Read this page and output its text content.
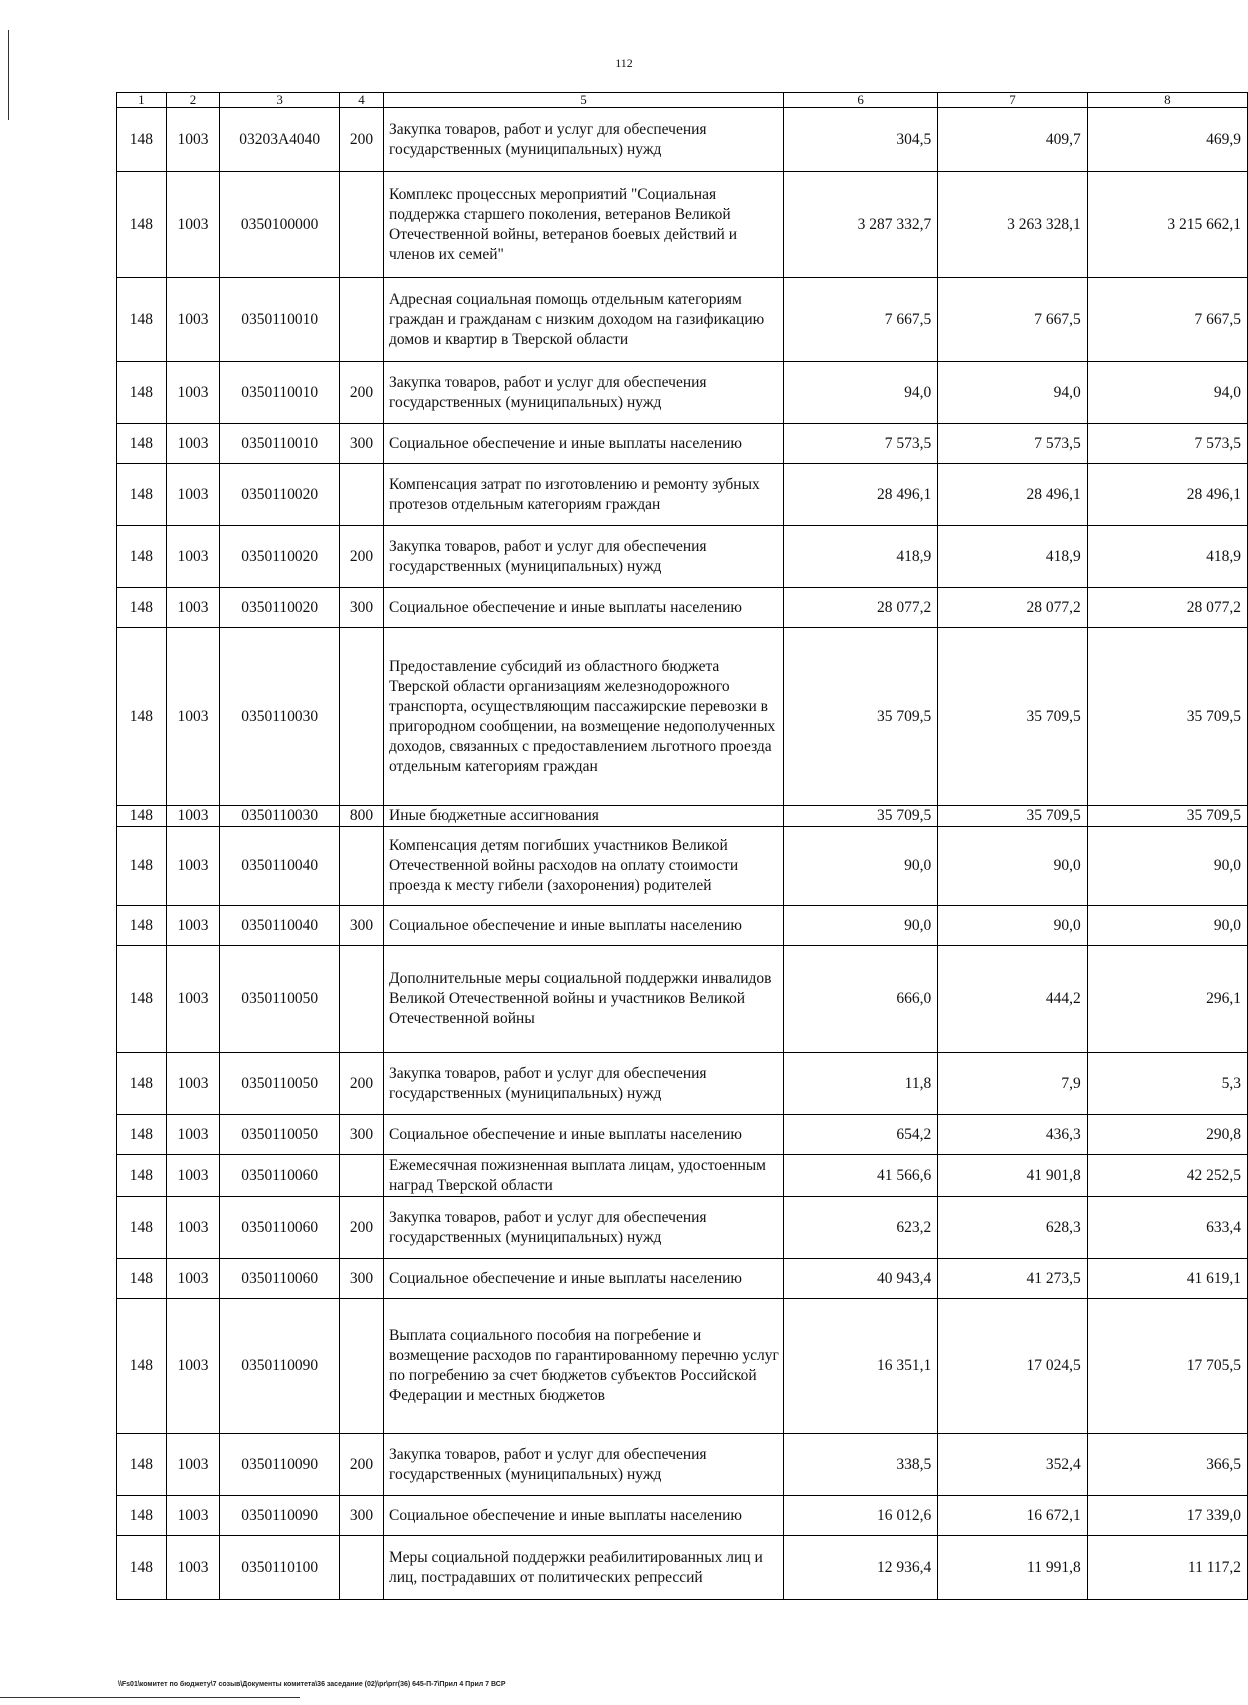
112
1	2	3	4	5	6	7	8
148	1003	03203А4040	200	Закупка товаров, работ и услуг для обеспечения государственных (муниципальных) нужд	304,5	409,7	469,9
148	1003	0350100000		Комплекс процессных мероприятий "Социальная поддержка старшего поколения, ветеранов Великой Отечественной войны, ветеранов боевых действий и членов их семей"	3 287 332,7	3 263 328,1	3 215 662,1
148	1003	0350110010		Адресная социальная помощь отдельным категориям граждан и гражданам с низким доходом на газификацию домов и квартир в Тверской области	7 667,5	7 667,5	7 667,5
148	1003	0350110010	200	Закупка товаров, работ и услуг для обеспечения государственных (муниципальных) нужд	94,0	94,0	94,0
148	1003	0350110010	300	Социальное обеспечение и иные выплаты населению	7 573,5	7 573,5	7 573,5
148	1003	0350110020		Компенсация затрат по изготовлению и ремонту зубных протезов отдельным категориям граждан	28 496,1	28 496,1	28 496,1
148	1003	0350110020	200	Закупка товаров, работ и услуг для обеспечения государственных (муниципальных) нужд	418,9	418,9	418,9
148	1003	0350110020	300	Социальное обеспечение и иные выплаты населению	28 077,2	28 077,2	28 077,2
148	1003	0350110030		Предоставление субсидий из областного бюджета Тверской области организациям железнодорожного транспорта, осуществляющим пассажирские перевозки в пригородном сообщении, на возмещение недополученных доходов, связанных с предоставлением льготного проезда отдельным категориям граждан	35 709,5	35 709,5	35 709,5
148	1003	0350110030	800	Иные бюджетные ассигнования	35 709,5	35 709,5	35 709,5
148	1003	0350110040		Компенсация детям погибших участников Великой Отечественной войны расходов на оплату стоимости проезда к месту гибели (захоронения) родителей	90,0	90,0	90,0
148	1003	0350110040	300	Социальное обеспечение и иные выплаты населению	90,0	90,0	90,0
148	1003	0350110050		Дополнительные меры социальной поддержки инвалидов Великой Отечественной войны и участников Великой Отечественной войны	666,0	444,2	296,1
148	1003	0350110050	200	Закупка товаров, работ и услуг для обеспечения государственных (муниципальных) нужд	11,8	7,9	5,3
148	1003	0350110050	300	Социальное обеспечение и иные выплаты населению	654,2	436,3	290,8
148	1003	0350110060		Ежемесячная пожизненная выплата лицам, удостоенным наград Тверской области	41 566,6	41 901,8	42 252,5
148	1003	0350110060	200	Закупка товаров, работ и услуг для обеспечения государственных (муниципальных) нужд	623,2	628,3	633,4
148	1003	0350110060	300	Социальное обеспечение и иные выплаты населению	40 943,4	41 273,5	41 619,1
148	1003	0350110090		Выплата социального пособия на погребение и возмещение расходов по гарантированному перечню услуг по погребению за счет бюджетов субъектов Российской Федерации и местных бюджетов	16 351,1	17 024,5	17 705,5
148	1003	0350110090	200	Закупка товаров, работ и услуг для обеспечения государственных (муниципальных) нужд	338,5	352,4	366,5
148	1003	0350110090	300	Социальное обеспечение и иные выплаты населению	16 012,6	16 672,1	17 339,0
148	1003	0350110100		Меры социальной поддержки реабилитированных лиц и лиц, пострадавших от политических репрессий	12 936,4	11 991,8	11 117,2
\\Fs01\комитет по бюджету\7 созыв\Документы комитета\36 заседание (02)\pr\prr(36) 645-П-7\Прил 4 Прил 7 ВСР
